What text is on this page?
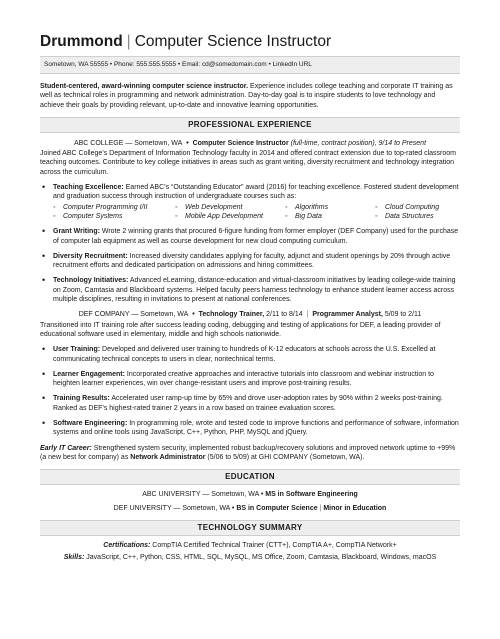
Drummond | Computer Science Instructor
Sometown, WA 55555 • Phone: 555.555.5555 • Email: cd@somedomain.com • LinkedIn URL
Student-centered, award-winning computer science instructor. Experience includes college teaching and corporate IT training as well as technical roles in programming and network administration. Day-to-day goal is to inspire students to love technology and achieve their goals by providing relevant, up-to-date and innovative learning opportunities.
PROFESSIONAL EXPERIENCE
ABC COLLEGE — Sometown, WA • Computer Science Instructor (full-time, contract position), 9/14 to Present
Joined ABC College’s Department of Information Technology faculty in 2014 and offered contract extension due to top-rated classroom teaching outcomes. Contribute to key college initiatives in areas such as grant writing, diversity recruitment and technology integration across the curriculum.
• Teaching Excellence: Earned ABC’s “Outstanding Educator” award (2016) for teaching excellence. Fostered student development and graduation success through instruction of undergraduate courses such as:
◦ Computer Programming I/II	◦ Web Development	◦ Algorithms	◦ Cloud Computing
◦ Computer Systems	◦ Mobile App Development	◦ Big Data	◦ Data Structures
• Grant Writing: Wrote 2 winning grants that procured 6-figure funding from former employer (DEF Company) used for the purchase of computer lab equipment as well as course development for new cloud computing curriculum.
• Diversity Recruitment: Increased diversity candidates applying for faculty, adjunct and student openings by 20% through active recruitment efforts and dedicated participation on admissions and hiring committees.
• Technology Initiatives: Advanced eLearning, distance-education and virtual-classroom initiatives by leading college-wide training on Zoom, Camtasia and Blackboard systems. Helped faculty peers harness technology to enhance student learner access across multiple disciplines, resulting in invitations to present at national conferences.
DEF COMPANY — Sometown, WA • Technology Trainer, 2/11 to 8/14 | Programmer Analyst, 5/09 to 2/11
Transitioned into IT training role after success leading coding, debugging and testing of applications for DEF, a leading provider of educational software used in elementary, middle and high schools nationwide.
• User Training: Developed and delivered user training to hundreds of K-12 educators at schools across the U.S. Excelled at communicating technical concepts to users in clear, nontechnical terms.
• Learner Engagement: Incorporated creative approaches and interactive tutorials into classroom and webinar instruction to heighten learner experiences, win over change-resistant users and improve post-training results.
• Training Results: Accelerated user ramp-up time by 65% and drove user-adoption rates by 90% within 2 weeks post-training. Ranked as DEF’s highest-rated trainer 2 years in a row based on trainee evaluation scores.
• Software Engineering: In programming role, wrote and tested code to improve functions and performance of software, information systems and online tools using JavaScript, C++, Python, PHP, MySQL and jQuery.
Early IT Career: Strengthened system security, implemented robust backup/recovery solutions and improved network uptime to +99% (a new best for company) as Network Administrator (5/06 to 5/09) at GHI COMPANY (Sometown, WA).
EDUCATION
ABC UNIVERSITY — Sometown, WA • MS in Software Engineering
DEF UNIVERSITY — Sometown, WA • BS in Computer Science | Minor in Education
TECHNOLOGY SUMMARY
Certifications: CompTIA Certified Technical Trainer (CTT+), CompTIA A+, CompTIA Network+
Skills: JavaScript, C++, Python, CSS, HTML, SQL, MySQL, MS Office, Zoom, Camtasia, Blackboard, Windows, macOS
